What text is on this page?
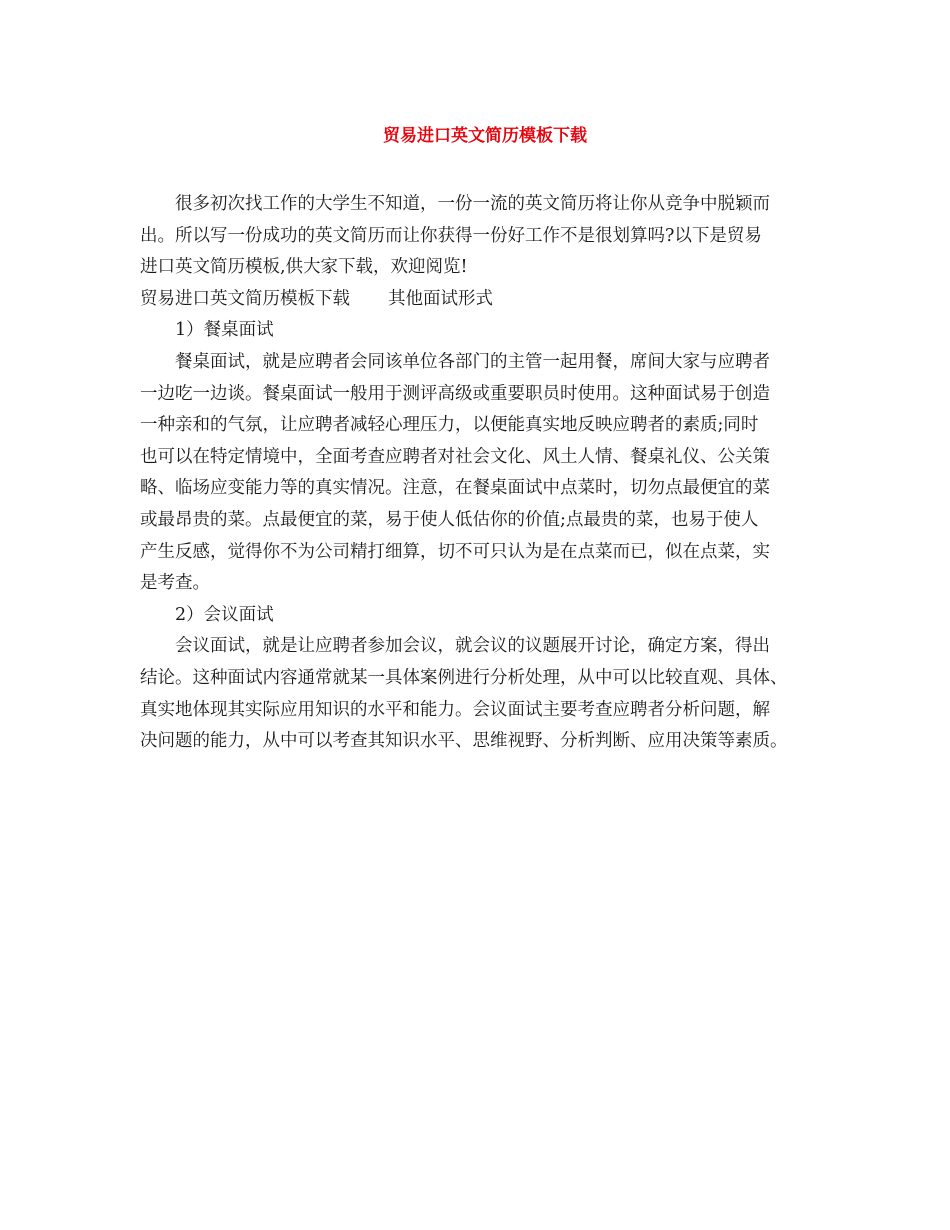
贸易进口英文简历模板下载

很多初次找工作的大学生不知道，一份一流的英文简历将让你从竞争中脱颖而
出。所以写一份成功的英文简历而让你获得一份好工作不是很划算吗?以下是贸易
进口英文简历模板,供大家下载，欢迎阅览!

贸易进口英文简历模板下载 其他面试形式

1）餐桌面试

餐桌面试，就是应聘者会同该单位各部门的主管一起用餐，席间大家与应聘者
一边吃一边谈。餐桌面试一般用于测评高级或重要职员时使用。这种面试易于创造
一种亲和的气氛，让应聘者减轻心理压力，以便能真实地反映应聘者的素质;同时
也可以在特定情境中，全面考查应聘者对社会文化、风土人情、餐桌礼仪、公关策
略、临场应变能力等的真实情况。注意，在餐桌面试中点菜时，切勿点最便宜的菜
或最昂贵的菜。点最便宜的菜，易于使人低估你的价值;点最贵的菜，也易于使人
产生反感，觉得你不为公司精打细算，切不可只认为是在点菜而已，似在点菜，实
是考查。

2）会议面试

会议面试，就是让应聘者参加会议，就会议的议题展开讨论，确定方案，得出
结论。这种面试内容通常就某一具体案例进行分析处理，从中可以比较直观、具体、
真实地体现其实际应用知识的水平和能力。会议面试主要考查应聘者分析问题，解
决问题的能力，从中可以考查其知识水平、思维视野、分析判断、应用决策等素质。
